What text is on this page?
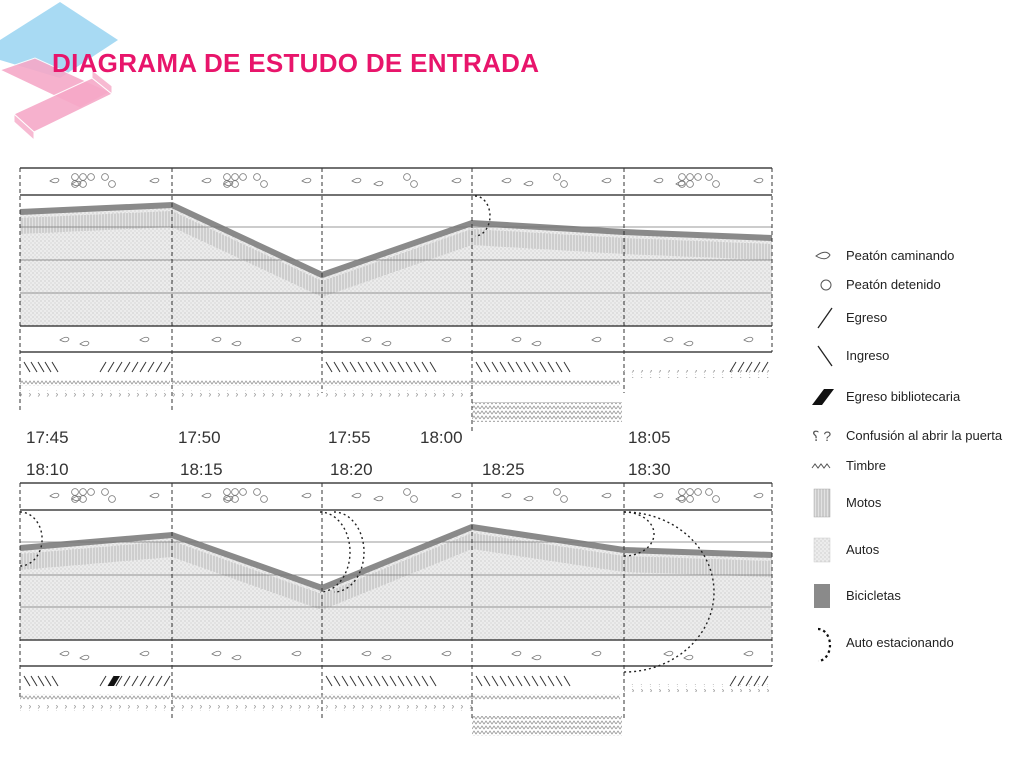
⸮ ?
DIAGRAMA DE ESTUDO DE ENTRADA
17:45	17:50	17:55	18:00	18:05
18:10	18:15	18:20	18:25	18:30
Peatón caminando
Peatón detenido
Egreso
Ingreso
Egreso bibliotecaria
Confusión al abrir la puerta
Timbre
Motos
Autos
Bicicletas
Auto estacionando
